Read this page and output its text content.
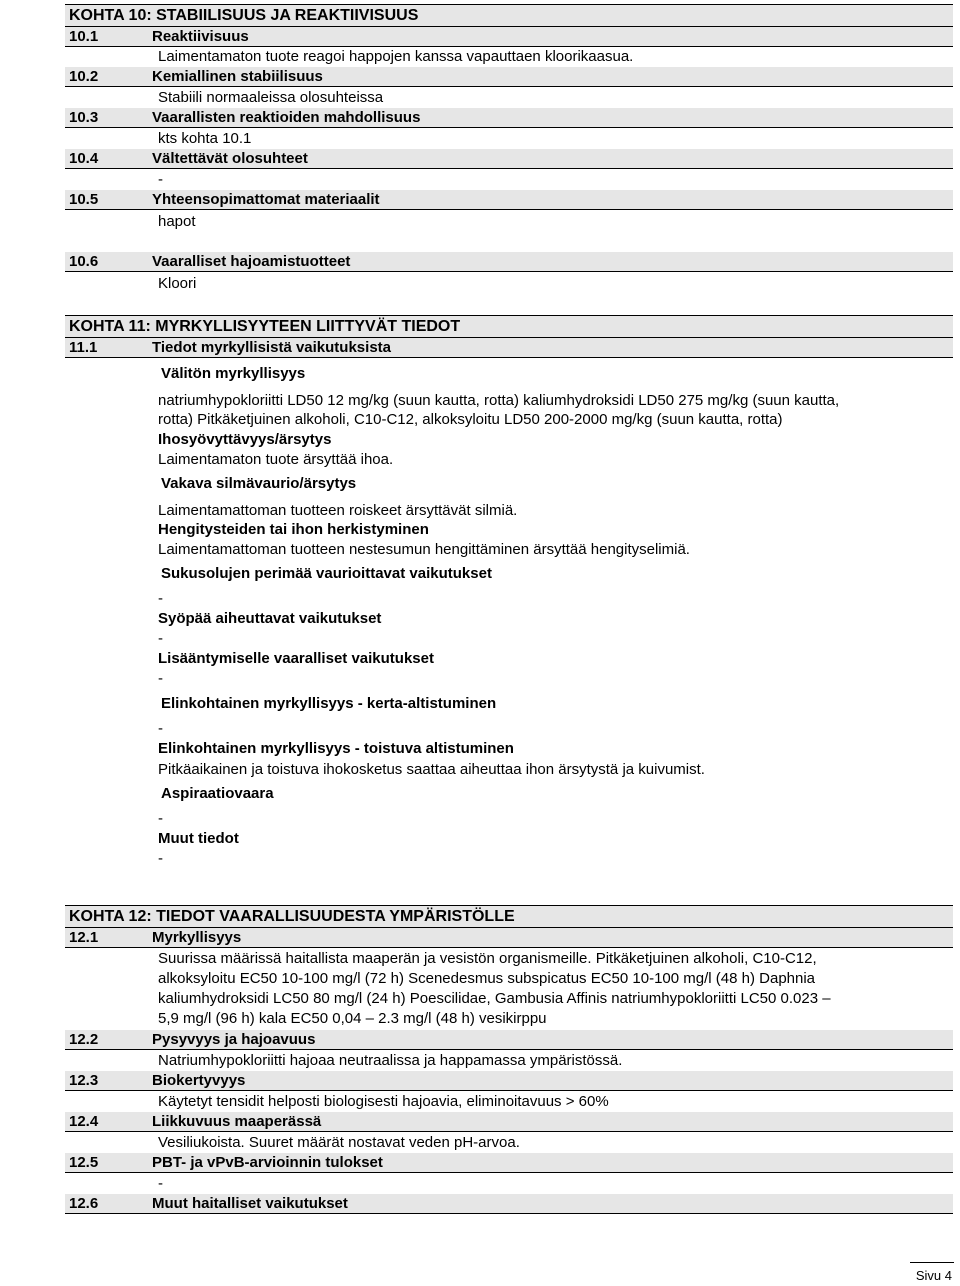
KOHTA 10: STABIILISUUS JA REAKTIIVISUUS
10.1	Reaktiivisuus
Laimentamaton tuote reagoi happojen kanssa vapauttaen kloorikaasua.
10.2	Kemiallinen stabiilisuus
Stabiili normaaleissa olosuhteissa
10.3	Vaarallisten reaktioiden mahdollisuus
kts kohta 10.1
10.4	Vältettävät olosuhteet
-
10.5	Yhteensopimattomat materiaalit
hapot
10.6	Vaaralliset hajoamistuotteet
Kloori
KOHTA 11: MYRKYLLISYYTEEN LIITTYVÄT TIEDOT
11.1	Tiedot myrkyllisistä vaikutuksista
Välitön myrkyllisyys
natriumhypokloriitti LD50 12 mg/kg (suun kautta, rotta) kaliumhydroksidi LD50 275 mg/kg (suun kautta,
rotta) Pitkäketjuinen alkoholi, C10-C12, alkoksyloitu LD50 200-2000 mg/kg (suun kautta, rotta)
Ihosyövyttävyys/ärsytys
Laimentamaton tuote ärsyttää ihoa.
Vakava silmävaurio/ärsytys
Laimentamattoman tuotteen roiskeet ärsyttävät silmiä.
Hengitysteiden tai ihon herkistyminen
Laimentamattoman tuotteen nestesumun hengittäminen ärsyttää hengityselimiä.
Sukusolujen perimää vaurioittavat vaikutukset
-
Syöpää aiheuttavat vaikutukset
-
Lisääntymiselle vaaralliset vaikutukset
-
Elinkohtainen myrkyllisyys - kerta-altistuminen
-
Elinkohtainen myrkyllisyys - toistuva altistuminen
Pitkäaikainen ja toistuva ihokosketus saattaa aiheuttaa ihon ärsytystä ja kuivumist.
Aspiraatiovaara
-
Muut tiedot
-
KOHTA 12: TIEDOT VAARALLISUUDESTA YMPÄRISTÖLLE
12.1	Myrkyllisyys
Suurissa määrissä haitallista maaperän ja vesistön organismeille. Pitkäketjuinen alkoholi, C10-C12,
alkoksyloitu EC50 10-100 mg/l (72 h) Scenedesmus subspicatus EC50 10-100 mg/l (48 h) Daphnia
kaliumhydroksidi LC50 80 mg/l (24 h) Poescilidae, Gambusia Affinis natriumhypokloriitti LC50 0.023 –
5,9 mg/l (96 h) kala EC50 0,04 – 2.3 mg/l (48 h) vesikirppu
12.2	Pysyvyys ja hajoavuus
Natriumhypokloriitti hajoaa neutraalissa ja happamassa ympäristössä.
12.3	Biokertyvyys
Käytetyt tensidit helposti biologisesti hajoavia, eliminoitavuus > 60%
12.4	Liikkuvuus maaperässä
Vesiliukoista. Suuret määrät nostavat veden pH-arvoa.
12.5	PBT- ja vPvB-arvioinnin tulokset
-
12.6	Muut haitalliset vaikutukset
Sivu 4
